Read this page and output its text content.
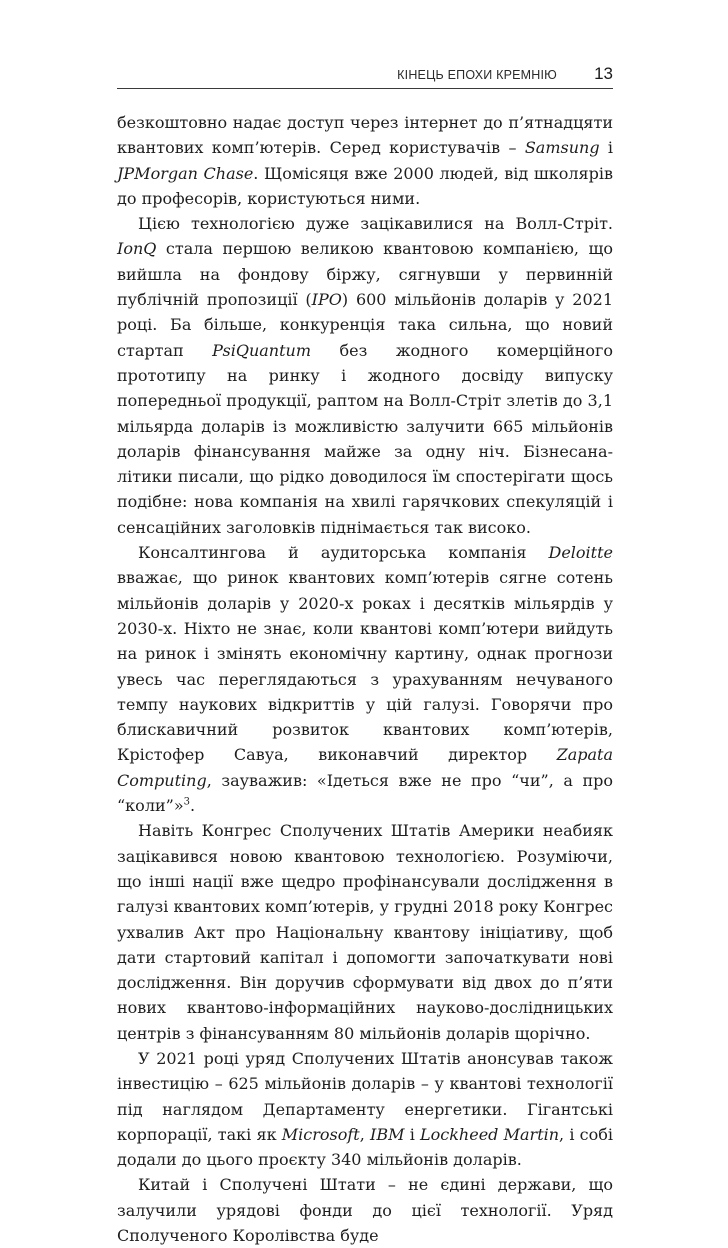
КІНЕЦЬ ЕПОХИ КРЕМНІЮ 13

безкоштовно надає доступ через інтернет до п’ятнадцяти квантових комп’ютерів. Серед користувачів – Samsung і JPMorgan Chase. Щомісяця вже 2000 людей, від школярів до професорів, користуються ними.

Цією технологією дуже зацікавилися на Волл-Стріт. IonQ стала першою великою квантовою компанією, що вийшла на фондову біржу, сягнувши у первинній публічній пропозиції (IPO) 600 мільйонів доларів у 2021 році. Ба більше, конкуренція така сильна, що новий стартап PsiQuantum без жодного комерційного прототипу на ринку і жодного досвіду випуску попередньої продукції, раптом на Волл-Стріт злетів до 3,1 мільярда доларів із можливістю залучити 665 мільйонів доларів фінансування майже за одну ніч. Бізнесаналітики писали, що рідко доводилося їм спостерігати щось подібне: нова компанія на хвилі гарячкових спекуляцій і сенсаційних заголовків піднімається так високо.

Консалтингова й аудиторська компанія Deloitte вважає, що ринок квантових комп’ютерів сягне сотень мільйонів доларів у 2020-х роках і десятків мільярдів у 2030-х. Ніхто не знає, коли квантові комп’ютери вийдуть на ринок і змінять економічну картину, однак прогнози увесь час переглядаються з урахуванням нечуваного темпу наукових відкриттів у цій галузі. Говорячи про блискавичний розвиток квантових комп’ютерів, Крістофер Савуа, виконавчий директор Zapata Computing, зауважив: «Ідеться вже не про “чи”, а про “коли”»$^3$.

Навіть Конгрес Сполучених Штатів Америки неабияк зацікавився новою квантовою технологією. Розуміючи, що інші нації вже щедро профінансували дослідження в галузі квантових комп’ютерів, у грудні 2018 року Конгрес ухвалив Акт про Національну квантову ініціативу, щоб дати стартовий капітал і допомогти започаткувати нові дослідження. Він доручив сформувати від двох до п’яти нових квантово-інформаційних науково-дослідницьких центрів з фінансуванням 80 мільйонів доларів щорічно.

У 2021 році уряд Сполучених Штатів анонсував також інвестицію – 625 мільйонів доларів – у квантові технології під наглядом Департаменту енергетики. Гігантські корпорації, такі як Microsoft, IBM і Lockheed Martin, і собі додали до цього проєкту 340 мільйонів доларів.

Китай і Сполучені Штати – не єдині держави, що залучили урядові фонди до цієї технології. Уряд Сполученого Королівства буде
